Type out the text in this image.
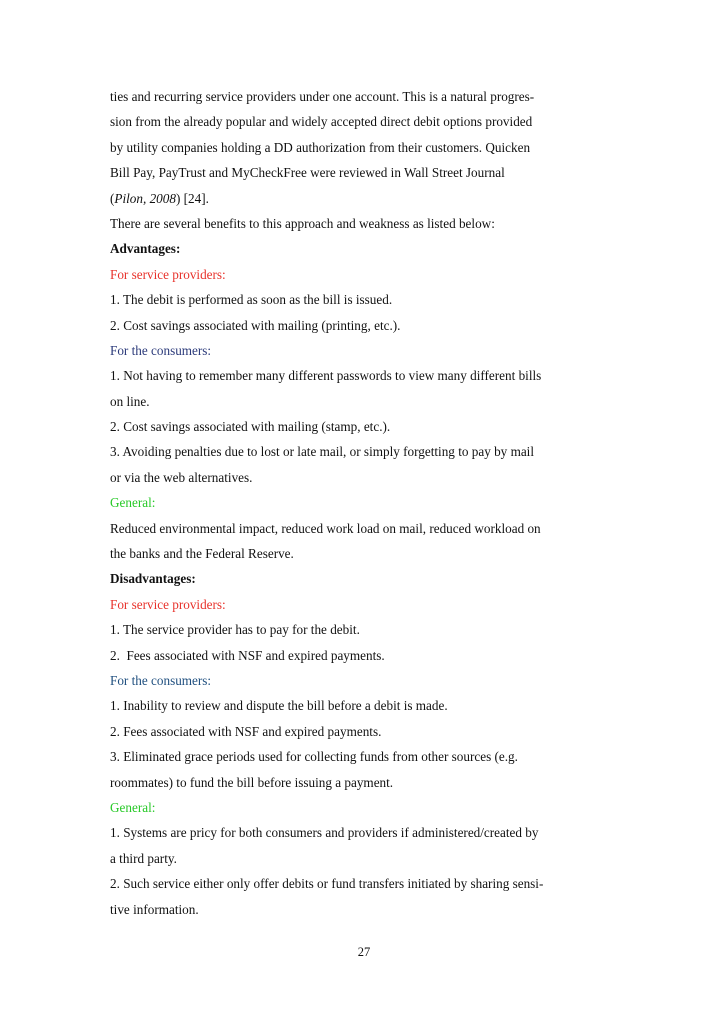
ties and recurring service providers under one account. This is a natural progres-
sion from the already popular and widely accepted direct debit options provided
by utility companies holding a DD authorization from their customers. Quicken
Bill Pay, PayTrust and MyCheckFree were reviewed in Wall Street Journal
(Pilon, 2008) [24].
There are several benefits to this approach and weakness as listed below:
Advantages:
For service providers:
1. The debit is performed as soon as the bill is issued.
2. Cost savings associated with mailing (printing, etc.).
For the consumers:
1. Not having to remember many different passwords to view many different bills
on line.
2. Cost savings associated with mailing (stamp, etc.).
3. Avoiding penalties due to lost or late mail, or simply forgetting to pay by mail
or via the web alternatives.
General:
Reduced environmental impact, reduced work load on mail, reduced workload on
the banks and the Federal Reserve.
Disadvantages:
For service providers:
1. The service provider has to pay for the debit.
2.  Fees associated with NSF and expired payments.
For the consumers:
1. Inability to review and dispute the bill before a debit is made.
2. Fees associated with NSF and expired payments.
3. Eliminated grace periods used for collecting funds from other sources (e.g.
roommates) to fund the bill before issuing a payment.
General:
1. Systems are pricy for both consumers and providers if administered/created by
a third party.
2. Such service either only offer debits or fund transfers initiated by sharing sensi-
tive information.
27
